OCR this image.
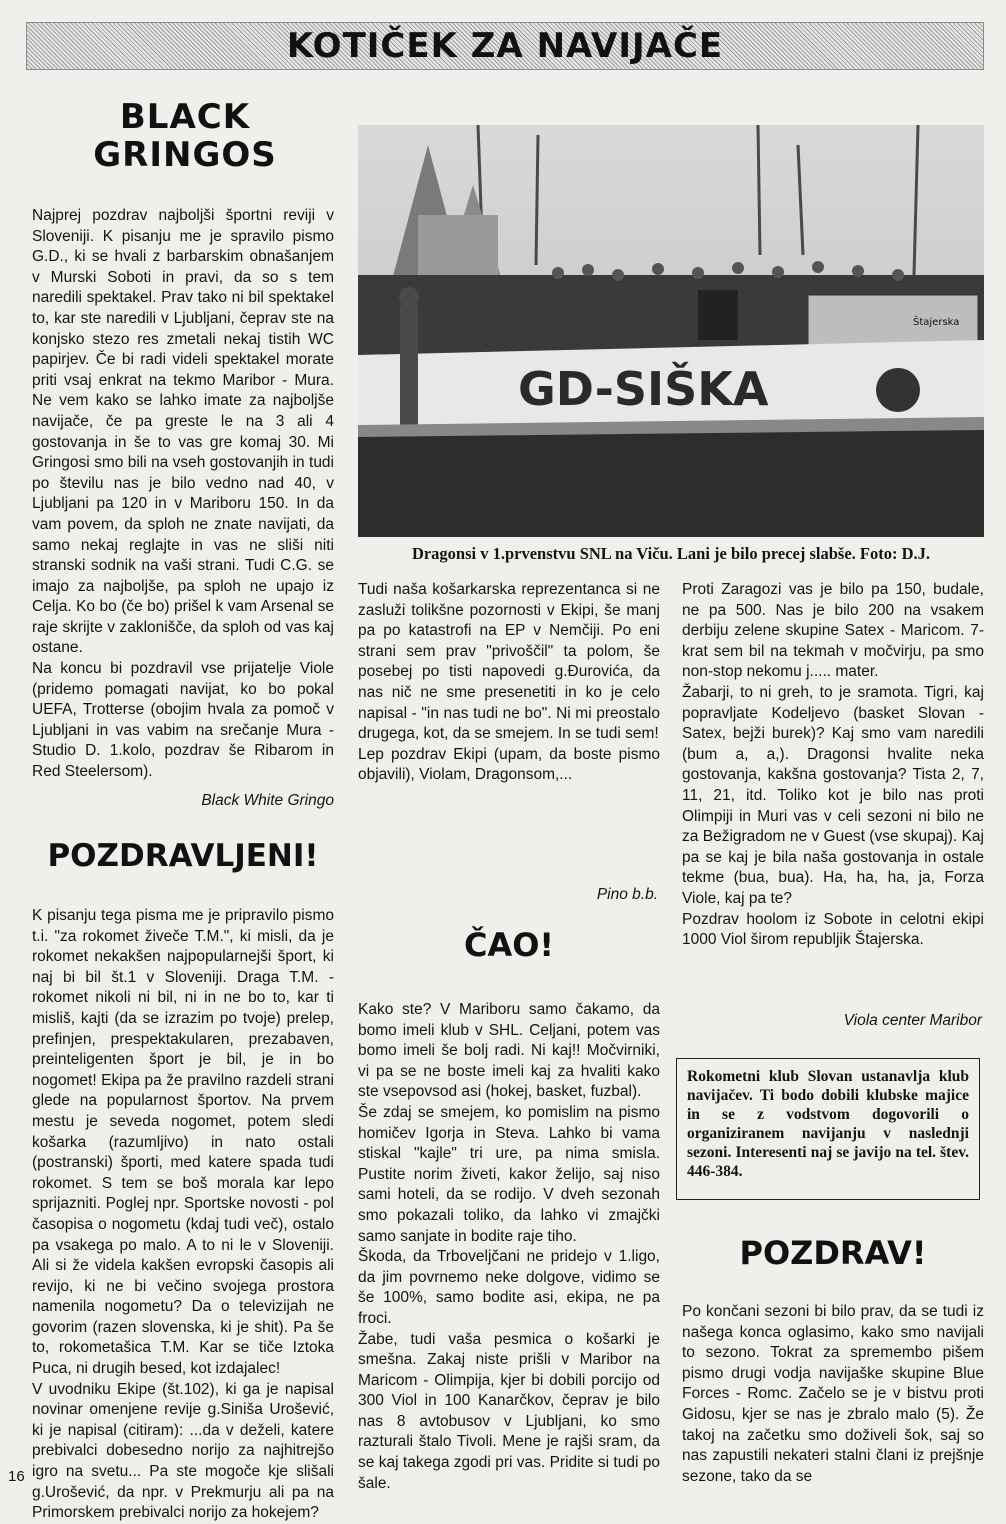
KOTIČEK ZA NAVIJAČE
BLACK GRINGOS

Najprej pozdrav najboljši športni reviji v Sloveniji. K pisanju me je spravilo pismo G.D., ki se hvali z barbarskim obnašanjem v Murski Soboti in pravi, da so s tem naredili spektakel. Prav tako ni bil spektakel to, kar ste naredili v Ljubljani, čeprav ste na konjsko stezo res zmetali nekaj tistih WC papirjev. Če bi radi videli spektakel morate priti vsaj enkrat na tekmo Maribor - Mura. Ne vem kako se lahko imate za najboljše navijače, če pa greste le na 3 ali 4 gostovanja in še to vas gre komaj 30. Mi Gringosi smo bili na vseh gostovanjih in tudi po številu nas je bilo vedno nad 40, v Ljubljani pa 120 in v Mariboru 150. In da vam povem, da sploh ne znate navijati, da samo nekaj reglajte in vas ne sliši niti stranski sodnik na vaši strani. Tudi C.G. se imajo za najboljše, pa sploh ne upajo iz Celja. Ko bo (če bo) prišel k vam Arsenal se raje skrijte v zaklonišče, da sploh od vas kaj ostane.

Na koncu bi pozdravil vse prijatelje Viole (pridemo pomagati navijat, ko bo pokal UEFA, Trotterse (obojim hvala za pomoč v Ljubljani in vas vabim na srečanje Mura - Studio D. 1.kolo, pozdrav še Ribarom in Red Steelersom).

Black White Gringo
POZDRAVLJENI!

K pisanju tega pisma me je pripravilo pismo t.i. "za rokomet živeče T.M.", ki misli, da je rokomet nekakšen najpopularnejši šport, ki naj bi bil št.1 v Sloveniji. Draga T.M. - rokomet nikoli ni bil, ni in ne bo to, kar ti misliš, kajti (da se izrazim po tvoje) prelep, prefinjen, prespektakularen, prezabaven, preinteligenten šport je bil, je in bo nogomet! Ekipa pa že pravilno razdeli strani glede na popularnost športov. Na prvem mestu je seveda nogomet, potem sledi košarka (razumljivo) in nato ostali (postranski) športi, med katere spada tudi rokomet. S tem se boš morala kar lepo sprijazniti. Poglej npr. Sportske novosti - pol časopisa o nogometu (kdaj tudi več), ostalo pa vsakega po malo. A to ni le v Sloveniji. Ali si že videla kakšen evropski časopis ali revijo, ki ne bi večino svojega prostora namenila nogometu? Da o televizijah ne govorim (razen slovenska, ki je shit). Pa še to, rokometašica T.M. Kar se tiče Iztoka Puca, ni drugih besed, kot izdajalec!

V uvodniku Ekipe (št.102), ki ga je napisal novinar omenjene revije g.Siniša Urošević, ki je napisal (citiram): ...da v deželi, katere prebivalci dobesedno norijo za najhitrejšo igro na svetu... Pa ste mogoče kje slišali g.Urošević, da npr. v Prekmurju ali pa na Primorskem prebivalci norijo za hokejem?

GD-SIŠKA
Štajerska
Dragonsi v 1.prvenstvu SNL na Viču. Lani je bilo precej slabše. Foto: D.J.

Tudi naša košarkarska reprezentanca si ne zasluži tolikšne pozornosti v Ekipi, še manj pa po katastrofi na EP v Nemčiji. Po eni strani sem prav "privoščil" ta polom, še posebej po tisti napovedi g.Đurovića, da nas nič ne sme presenetiti in ko je celo napisal - "in nas tudi ne bo". Ni mi preostalo drugega, kot, da se smejem. In se tudi sem!

Lep pozdrav Ekipi (upam, da boste pismo objavili), Violam, Dragonsom,...

Pino b.b.
ČAO!

Kako ste? V Mariboru samo čakamo, da bomo imeli klub v SHL. Celjani, potem vas bomo imeli še bolj radi. Ni kaj!! Močvirniki, vi pa se ne boste imeli kaj za hvaliti kako ste vsepovsod asi (hokej, basket, fuzbal).

Še zdaj se smejem, ko pomislim na pismo homičev Igorja in Steva. Lahko bi vama stiskal "kajle" tri ure, pa nima smisla. Pustite norim živeti, kakor želijo, saj niso sami hoteli, da se rodijo. V dveh sezonah smo pokazali toliko, da lahko vi zmajčki samo sanjate in bodite raje tiho.

Škoda, da Trboveljčani ne pridejo v 1.ligo, da jim povrnemo neke dolgove, vidimo se še 100%, samo bodite asi, ekipa, ne pa froci.

Žabe, tudi vaša pesmica o košarki je smešna. Zakaj niste prišli v Maribor na Maricom - Olimpija, kjer bi dobili porcijo od 300 Viol in 100 Kanarčkov, čeprav je bilo nas 8 avtobusov v Ljubljani, ko smo razturali štalo Tivoli. Mene je rajši sram, da se kaj takega zgodi pri vas. Pridite si tudi po šale.

Proti Zaragozi vas je bilo pa 150, budale, ne pa 500. Nas je bilo 200 na vsakem derbiju zelene skupine Satex - Maricom. 7-krat sem bil na tekmah v močvirju, pa smo non-stop nekomu j..... mater.

Žabarji, to ni greh, to je sramota. Tigri, kaj popravljate Kodeljevo (basket Slovan - Satex, bejži burek)? Kaj smo vam naredili (bum a, a,). Dragonsi hvalite neka gostovanja, kakšna gostovanja? Tista 2, 7, 11, 21, itd. Toliko kot je bilo nas proti Olimpiji in Muri vas v celi sezoni ni bilo ne za Bežigradom ne v Guest (vse skupaj). Kaj pa se kaj je bila naša gostovanja in ostale tekme (bua, bua). Ha, ha, ha, ja, Forza Viole, kaj pa te?

Pozdrav hoolom iz Sobote in celotni ekipi 1000 Viol širom republjik Štajerska.

Viola center Maribor
Rokometni klub Slovan ustanavlja klub navijačev. Ti bodo dobili klubske majice in se z vodstvom dogovorili o organiziranem navijanju v naslednji sezoni. Interesenti naj se javijo na tel. štev. 446-384.
POZDRAV!

Po končani sezoni bi bilo prav, da se tudi iz našega konca oglasimo, kako smo navijali to sezono. Tokrat za spremembo pišem pismo drugi vodja navijaške skupine Blue Forces - Romc. Začelo se je v bistvu proti Gidosu, kjer se nas je zbralo malo (5). Že takoj na začetku smo doživeli šok, saj so nas zapustili nekateri stalni člani iz prejšnje sezone, tako da se

16
